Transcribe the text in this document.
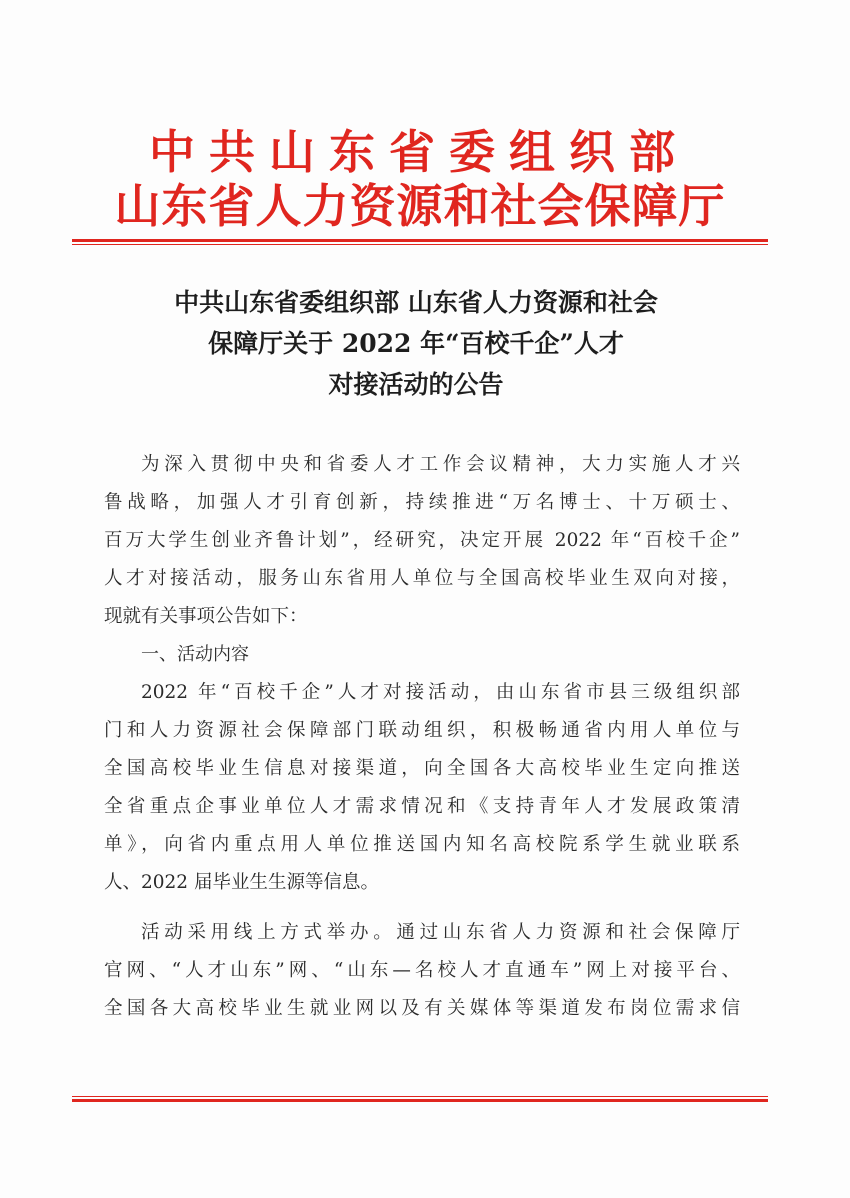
中共山东省委组织部
山东省人力资源和社会保障厅
中共山东省委组织部 山东省人力资源和社会
保障厅关于 2022 年“百校千企”人才
对接活动的公告
为深入贯彻中央和省委人才工作会议精神，大力实施人才兴
鲁战略，加强人才引育创新，持续推进“万名博士、十万硕士、
百万大学生创业齐鲁计划”，经研究，决定开展 2022 年“百校千企”
人才对接活动，服务山东省用人单位与全国高校毕业生双向对接，
现就有关事项公告如下：
一、活动内容
2022 年“百校千企”人才对接活动，由山东省市县三级组织部
门和人力资源社会保障部门联动组织，积极畅通省内用人单位与
全国高校毕业生信息对接渠道，向全国各大高校毕业生定向推送
全省重点企事业单位人才需求情况和《支持青年人才发展政策清
单》，向省内重点用人单位推送国内知名高校院系学生就业联系
人、2022 届毕业生生源等信息。
活动采用线上方式举办。通过山东省人力资源和社会保障厅
官网、“人才山东”网、“山东—名校人才直通车”网上对接平台、
全国各大高校毕业生就业网以及有关媒体等渠道发布岗位需求信
